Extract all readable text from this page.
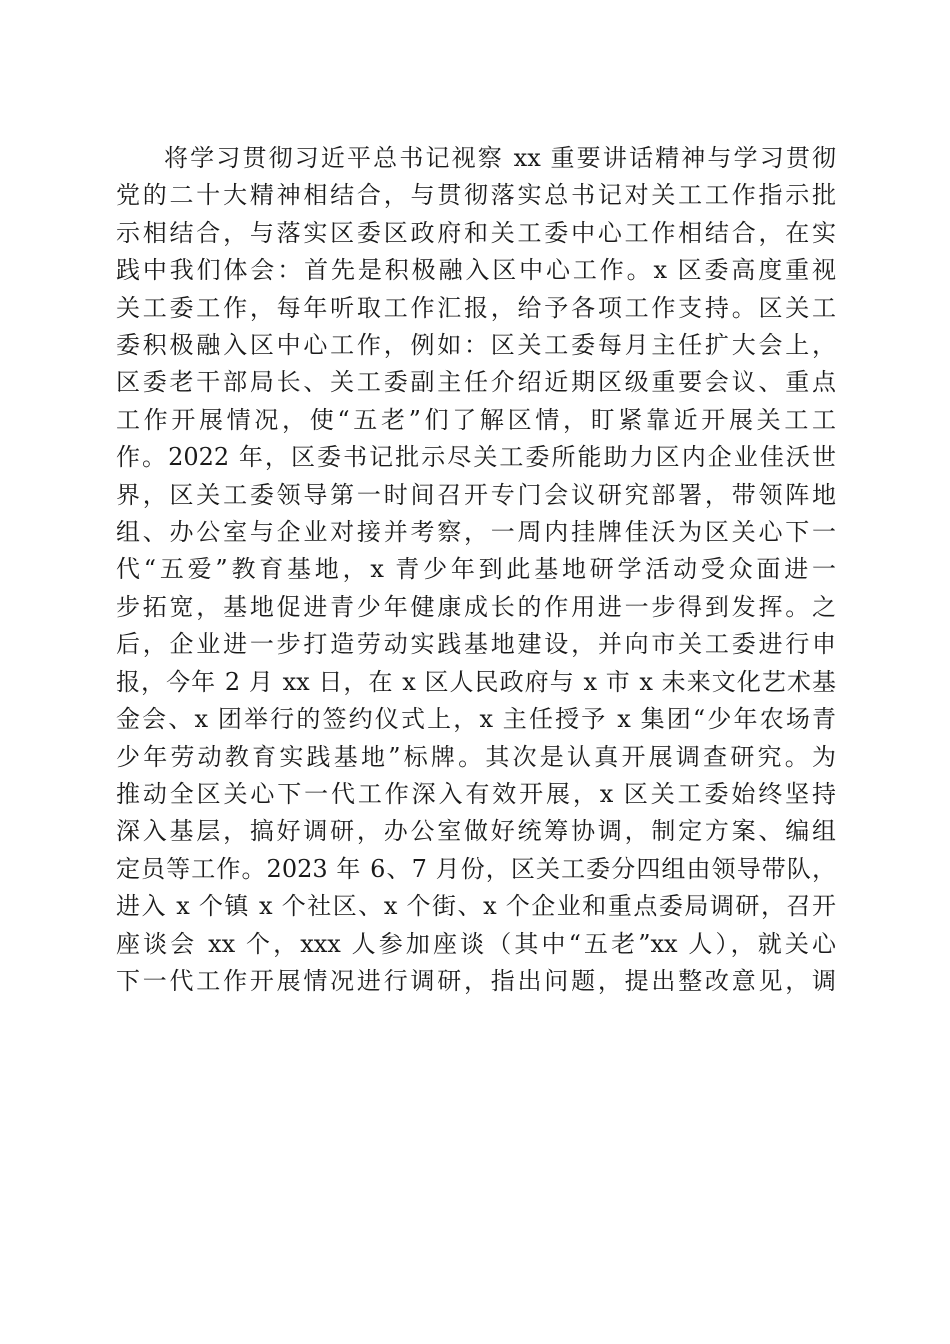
将学习贯彻习近平总书记视察 xx 重要讲话精神与学习贯彻
党的二十大精神相结合，与贯彻落实总书记对关工工作指示批
示相结合，与落实区委区政府和关工委中心工作相结合，在实
践中我们体会：首先是积极融入区中心工作。x 区委高度重视
关工委工作，每年听取工作汇报，给予各项工作支持。区关工
委积极融入区中心工作，例如：区关工委每月主任扩大会上，
区委老干部局长、关工委副主任介绍近期区级重要会议、重点
工作开展情况，使“五老”们了解区情，盯紧靠近开展关工工
作。2022 年，区委书记批示尽关工委所能助力区内企业佳沃世
界，区关工委领导第一时间召开专门会议研究部署，带领阵地
组、办公室与企业对接并考察，一周内挂牌佳沃为区关心下一
代“五爱”教育基地，x 青少年到此基地研学活动受众面进一
步拓宽，基地促进青少年健康成长的作用进一步得到发挥。之
后，企业进一步打造劳动实践基地建设，并向市关工委进行申
报，今年 2 月 xx 日，在 x 区人民政府与 x 市 x 未来文化艺术基
金会、x 团举行的签约仪式上，x 主任授予 x 集团“少年农场青
少年劳动教育实践基地”标牌。其次是认真开展调查研究。为
推动全区关心下一代工作深入有效开展，x 区关工委始终坚持
深入基层，搞好调研，办公室做好统筹协调，制定方案、编组
定员等工作。2023 年 6、7 月份，区关工委分四组由领导带队，
进入 x 个镇 x 个社区、x 个街、x 个企业和重点委局调研，召开
座谈会 xx 个，xxx 人参加座谈（其中“五老”xx 人），就关心
下一代工作开展情况进行调研，指出问题，提出整改意见，调
